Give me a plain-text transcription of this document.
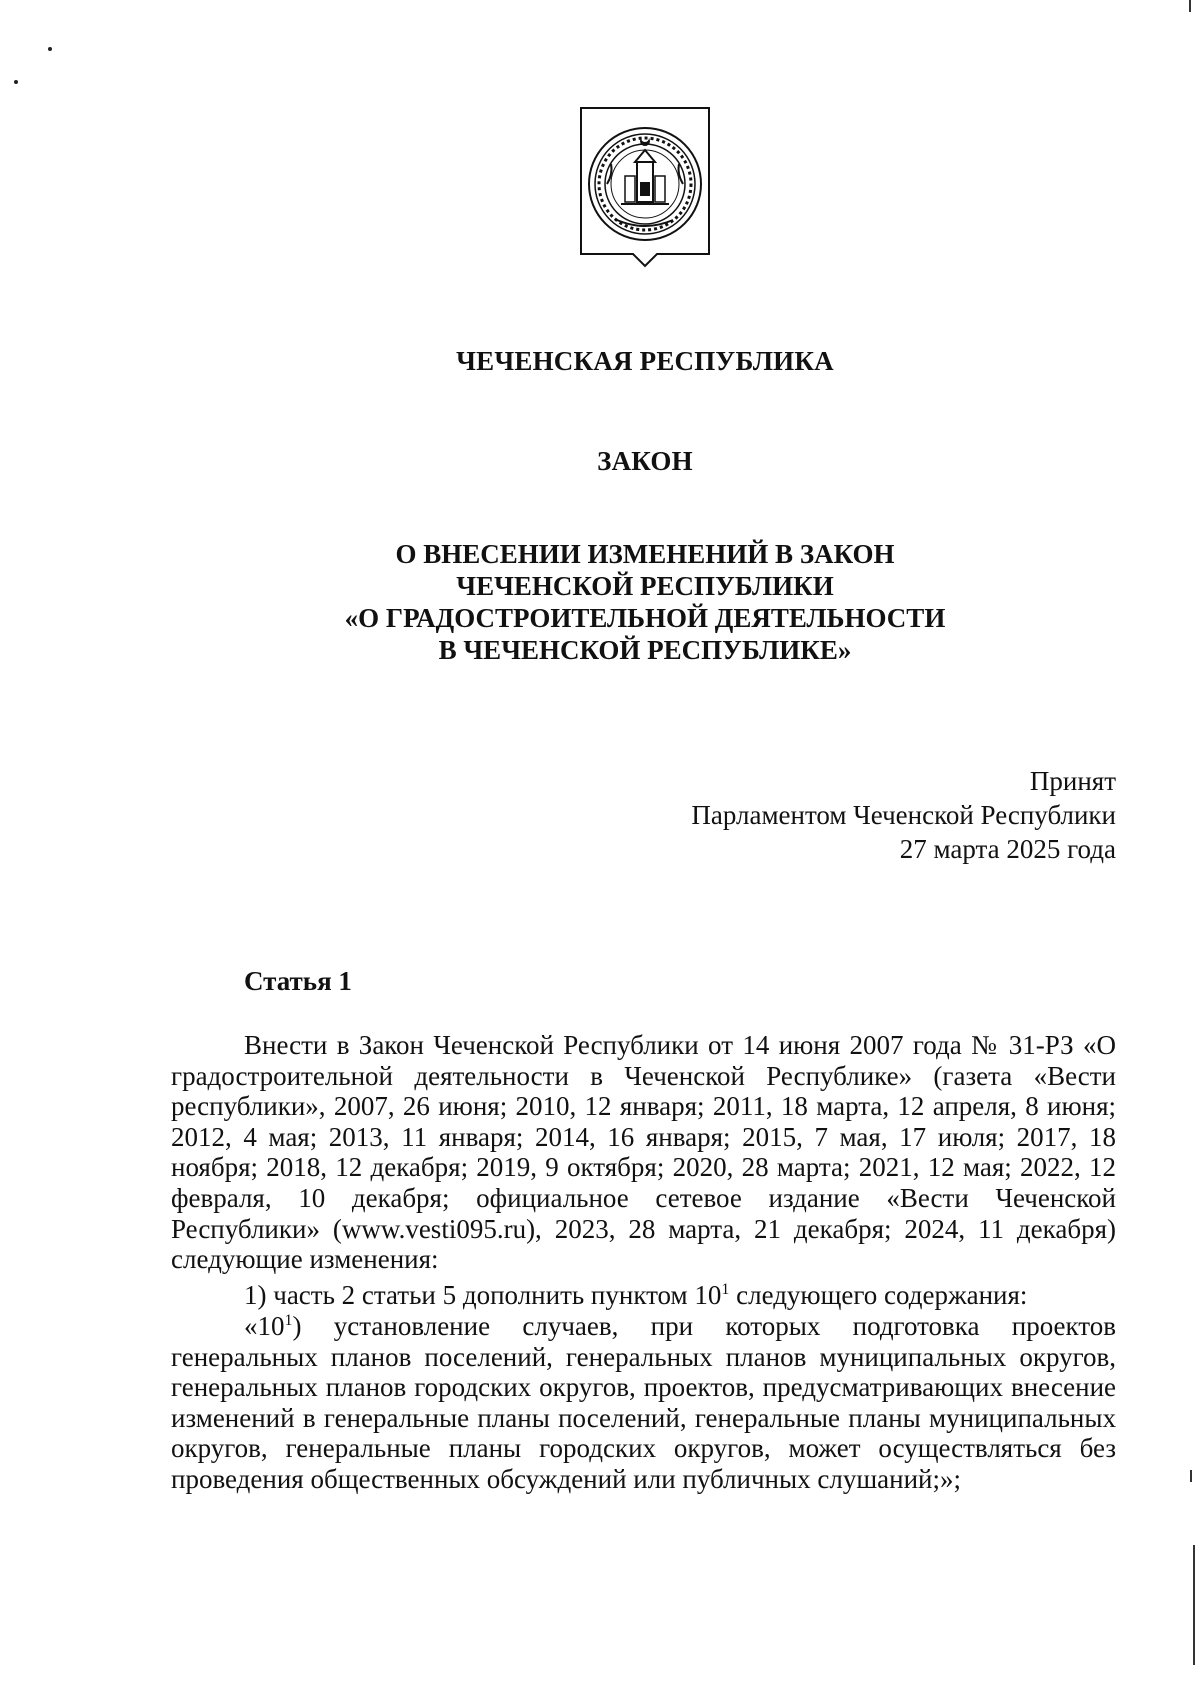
ЧЕЧЕНСКАЯ РЕСПУБЛИКА
ЗАКОН
О ВНЕСЕНИИ ИЗМЕНЕНИЙ В ЗАКОН
ЧЕЧЕНСКОЙ РЕСПУБЛИКИ
«О ГРАДОСТРОИТЕЛЬНОЙ ДЕЯТЕЛЬНОСТИ
В ЧЕЧЕНСКОЙ РЕСПУБЛИКЕ»
Принят
Парламентом Чеченской Республики
27 марта 2025 года
Статья 1

Внести в Закон Чеченской Республики от 14 июня 2007 года № 31-РЗ «О градостроительной деятельности в Чеченской Республике» (газета «Вести республики», 2007, 26 июня; 2010, 12 января; 2011, 18 марта, 12 апреля, 8 июня; 2012, 4 мая; 2013, 11 января; 2014, 16 января; 2015, 7 мая, 17 июля; 2017, 18 ноября; 2018, 12 декабря; 2019, 9 октября; 2020, 28 марта; 2021, 12 мая; 2022, 12 февраля, 10 декабря; официальное сетевое издание «Вести Чеченской Республики» (www.vesti095.ru), 2023, 28 марта, 21 декабря; 2024, 11 декабря) следующие изменения:

1) часть 2 статьи 5 дополнить пунктом $10^1$ следующего содержания:

«$10^1$) установление случаев, при которых подготовка проектов генеральных планов поселений, генеральных планов муниципальных округов, генеральных планов городских округов, проектов, предусматривающих внесение изменений в генеральные планы поселений, генеральные планы муниципальных округов, генеральные планы городских округов, может осуществляться без проведения общественных обсуждений или публичных слушаний;»;
